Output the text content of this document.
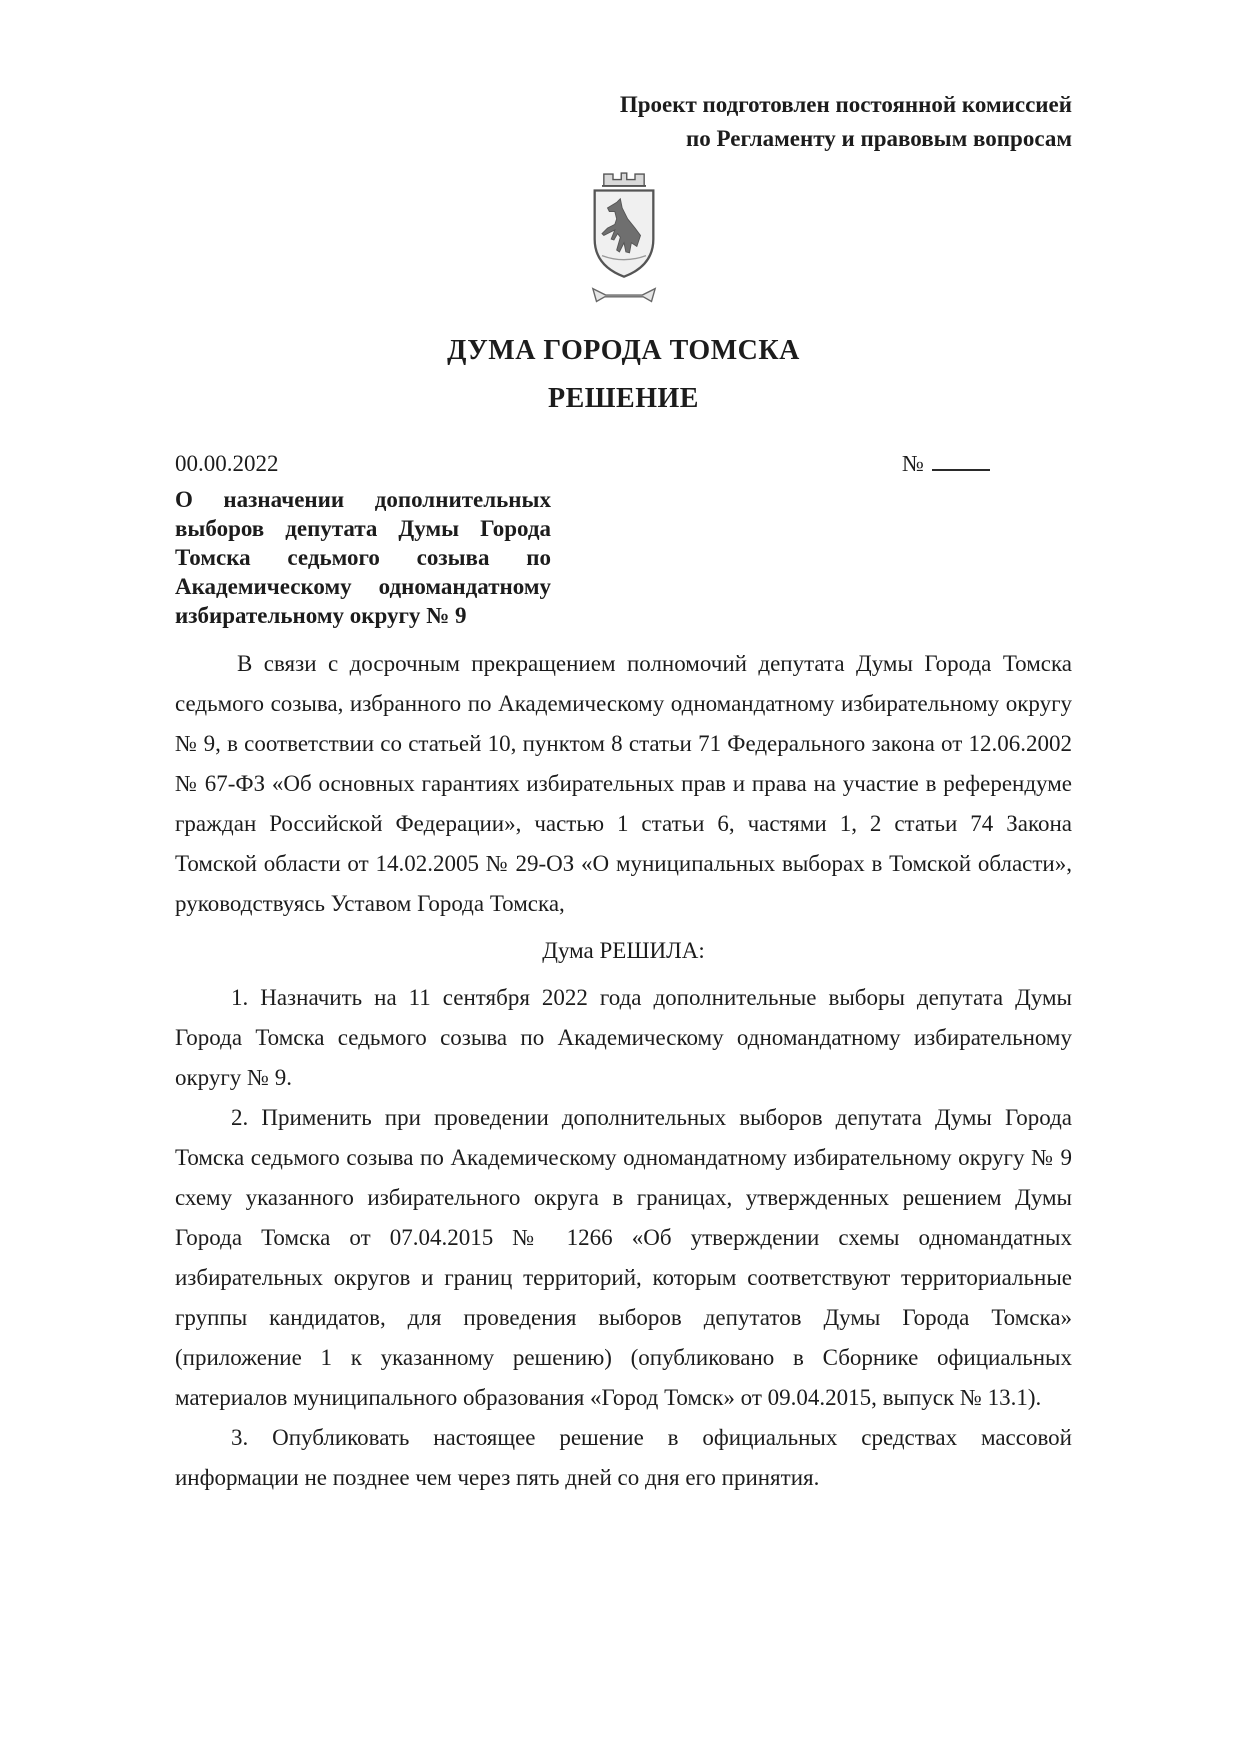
Проект подготовлен постоянной комиссией
по Регламенту и правовым вопросам
ДУМА ГОРОДА ТОМСКА
РЕШЕНИЕ
00.00.2022	№
О назначении дополнительных выборов депутата Думы Города Томска седьмого созыва по Академическому одномандатному избирательному округу № 9
В связи с досрочным прекращением полномочий депутата Думы Города Томска седьмого созыва, избранного по Академическому одномандатному избирательному округу № 9, в соответствии со статьей 10, пунктом 8 статьи 71 Федерального закона от 12.06.2002 № 67-ФЗ «Об основных гарантиях избирательных прав и права на участие в референдуме граждан Российской Федерации», частью 1 статьи 6, частями 1, 2 статьи 74 Закона Томской области от 14.02.2005 № 29-ОЗ «О муниципальных выборах в Томской области», руководствуясь Уставом Города Томска,
Дума РЕШИЛА:
1. Назначить на 11 сентября 2022 года дополнительные выборы депутата Думы Города Томска седьмого созыва по Академическому одномандатному избирательному округу № 9.
2. Применить при проведении дополнительных выборов депутата Думы Города Томска седьмого созыва по Академическому одномандатному избирательному округу № 9 схему указанного избирательного округа в границах, утвержденных решением Думы Города Томска от 07.04.2015 № 1266 «Об утверждении схемы одномандатных избирательных округов и границ территорий, которым соответствуют территориальные группы кандидатов, для проведения выборов депутатов Думы Города Томска» (приложение 1 к указанному решению) (опубликовано в Сборнике официальных материалов муниципального образования «Город Томск» от 09.04.2015, выпуск № 13.1).
3. Опубликовать настоящее решение в официальных средствах массовой информации не позднее чем через пять дней со дня его принятия.
